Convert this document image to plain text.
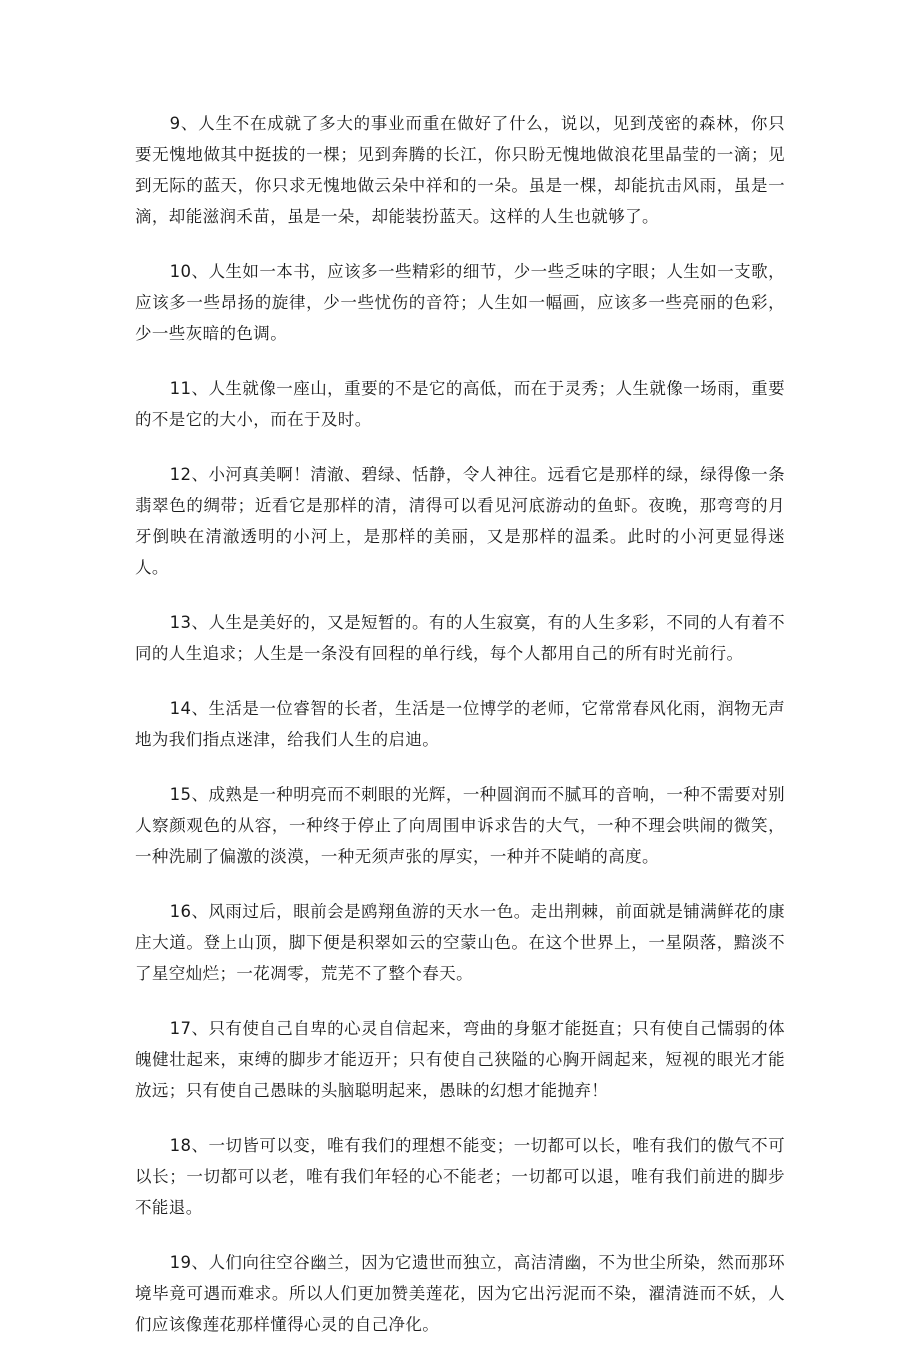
9、人生不在成就了多大的事业而重在做好了什么，说以，见到茂密的森林，你只要无愧地做其中挺拔的一棵；见到奔腾的长江，你只盼无愧地做浪花里晶莹的一滴；见到无际的蓝天，你只求无愧地做云朵中祥和的一朵。虽是一棵，却能抗击风雨，虽是一滴，却能滋润禾苗，虽是一朵，却能装扮蓝天。这样的人生也就够了。

10、人生如一本书，应该多一些精彩的细节，少一些乏味的字眼；人生如一支歌，应该多一些昂扬的旋律，少一些忧伤的音符；人生如一幅画，应该多一些亮丽的色彩，少一些灰暗的色调。

11、人生就像一座山，重要的不是它的高低，而在于灵秀；人生就像一场雨，重要的不是它的大小，而在于及时。

12、小河真美啊！清澈、碧绿、恬静，令人神往。远看它是那样的绿，绿得像一条翡翠色的绸带；近看它是那样的清，清得可以看见河底游动的鱼虾。夜晚，那弯弯的月牙倒映在清澈透明的小河上，是那样的美丽，又是那样的温柔。此时的小河更显得迷人。

13、人生是美好的，又是短暂的。有的人生寂寞，有的人生多彩，不同的人有着不同的人生追求；人生是一条没有回程的单行线，每个人都用自己的所有时光前行。

14、生活是一位睿智的长者，生活是一位博学的老师，它常常春风化雨，润物无声地为我们指点迷津，给我们人生的启迪。

15、成熟是一种明亮而不刺眼的光辉，一种圆润而不腻耳的音响，一种不需要对别人察颜观色的从容，一种终于停止了向周围申诉求告的大气，一种不理会哄闹的微笑，一种洗刷了偏激的淡漠，一种无须声张的厚实，一种并不陡峭的高度。

16、风雨过后，眼前会是鸥翔鱼游的天水一色。走出荆棘，前面就是铺满鲜花的康庄大道。登上山顶，脚下便是积翠如云的空蒙山色。在这个世界上，一星陨落，黯淡不了星空灿烂；一花凋零，荒芜不了整个春天。

17、只有使自己自卑的心灵自信起来，弯曲的身躯才能挺直；只有使自己懦弱的体魄健壮起来，束缚的脚步才能迈开；只有使自己狭隘的心胸开阔起来，短视的眼光才能放远；只有使自己愚昧的头脑聪明起来，愚昧的幻想才能抛弃！

18、一切皆可以变，唯有我们的理想不能变；一切都可以长，唯有我们的傲气不可以长；一切都可以老，唯有我们年轻的心不能老；一切都可以退，唯有我们前进的脚步不能退。

19、人们向往空谷幽兰，因为它遗世而独立，高洁清幽，不为世尘所染，然而那环境毕竟可遇而难求。所以人们更加赞美莲花，因为它出污泥而不染，濯清涟而不妖，人们应该像莲花那样懂得心灵的自己净化。
